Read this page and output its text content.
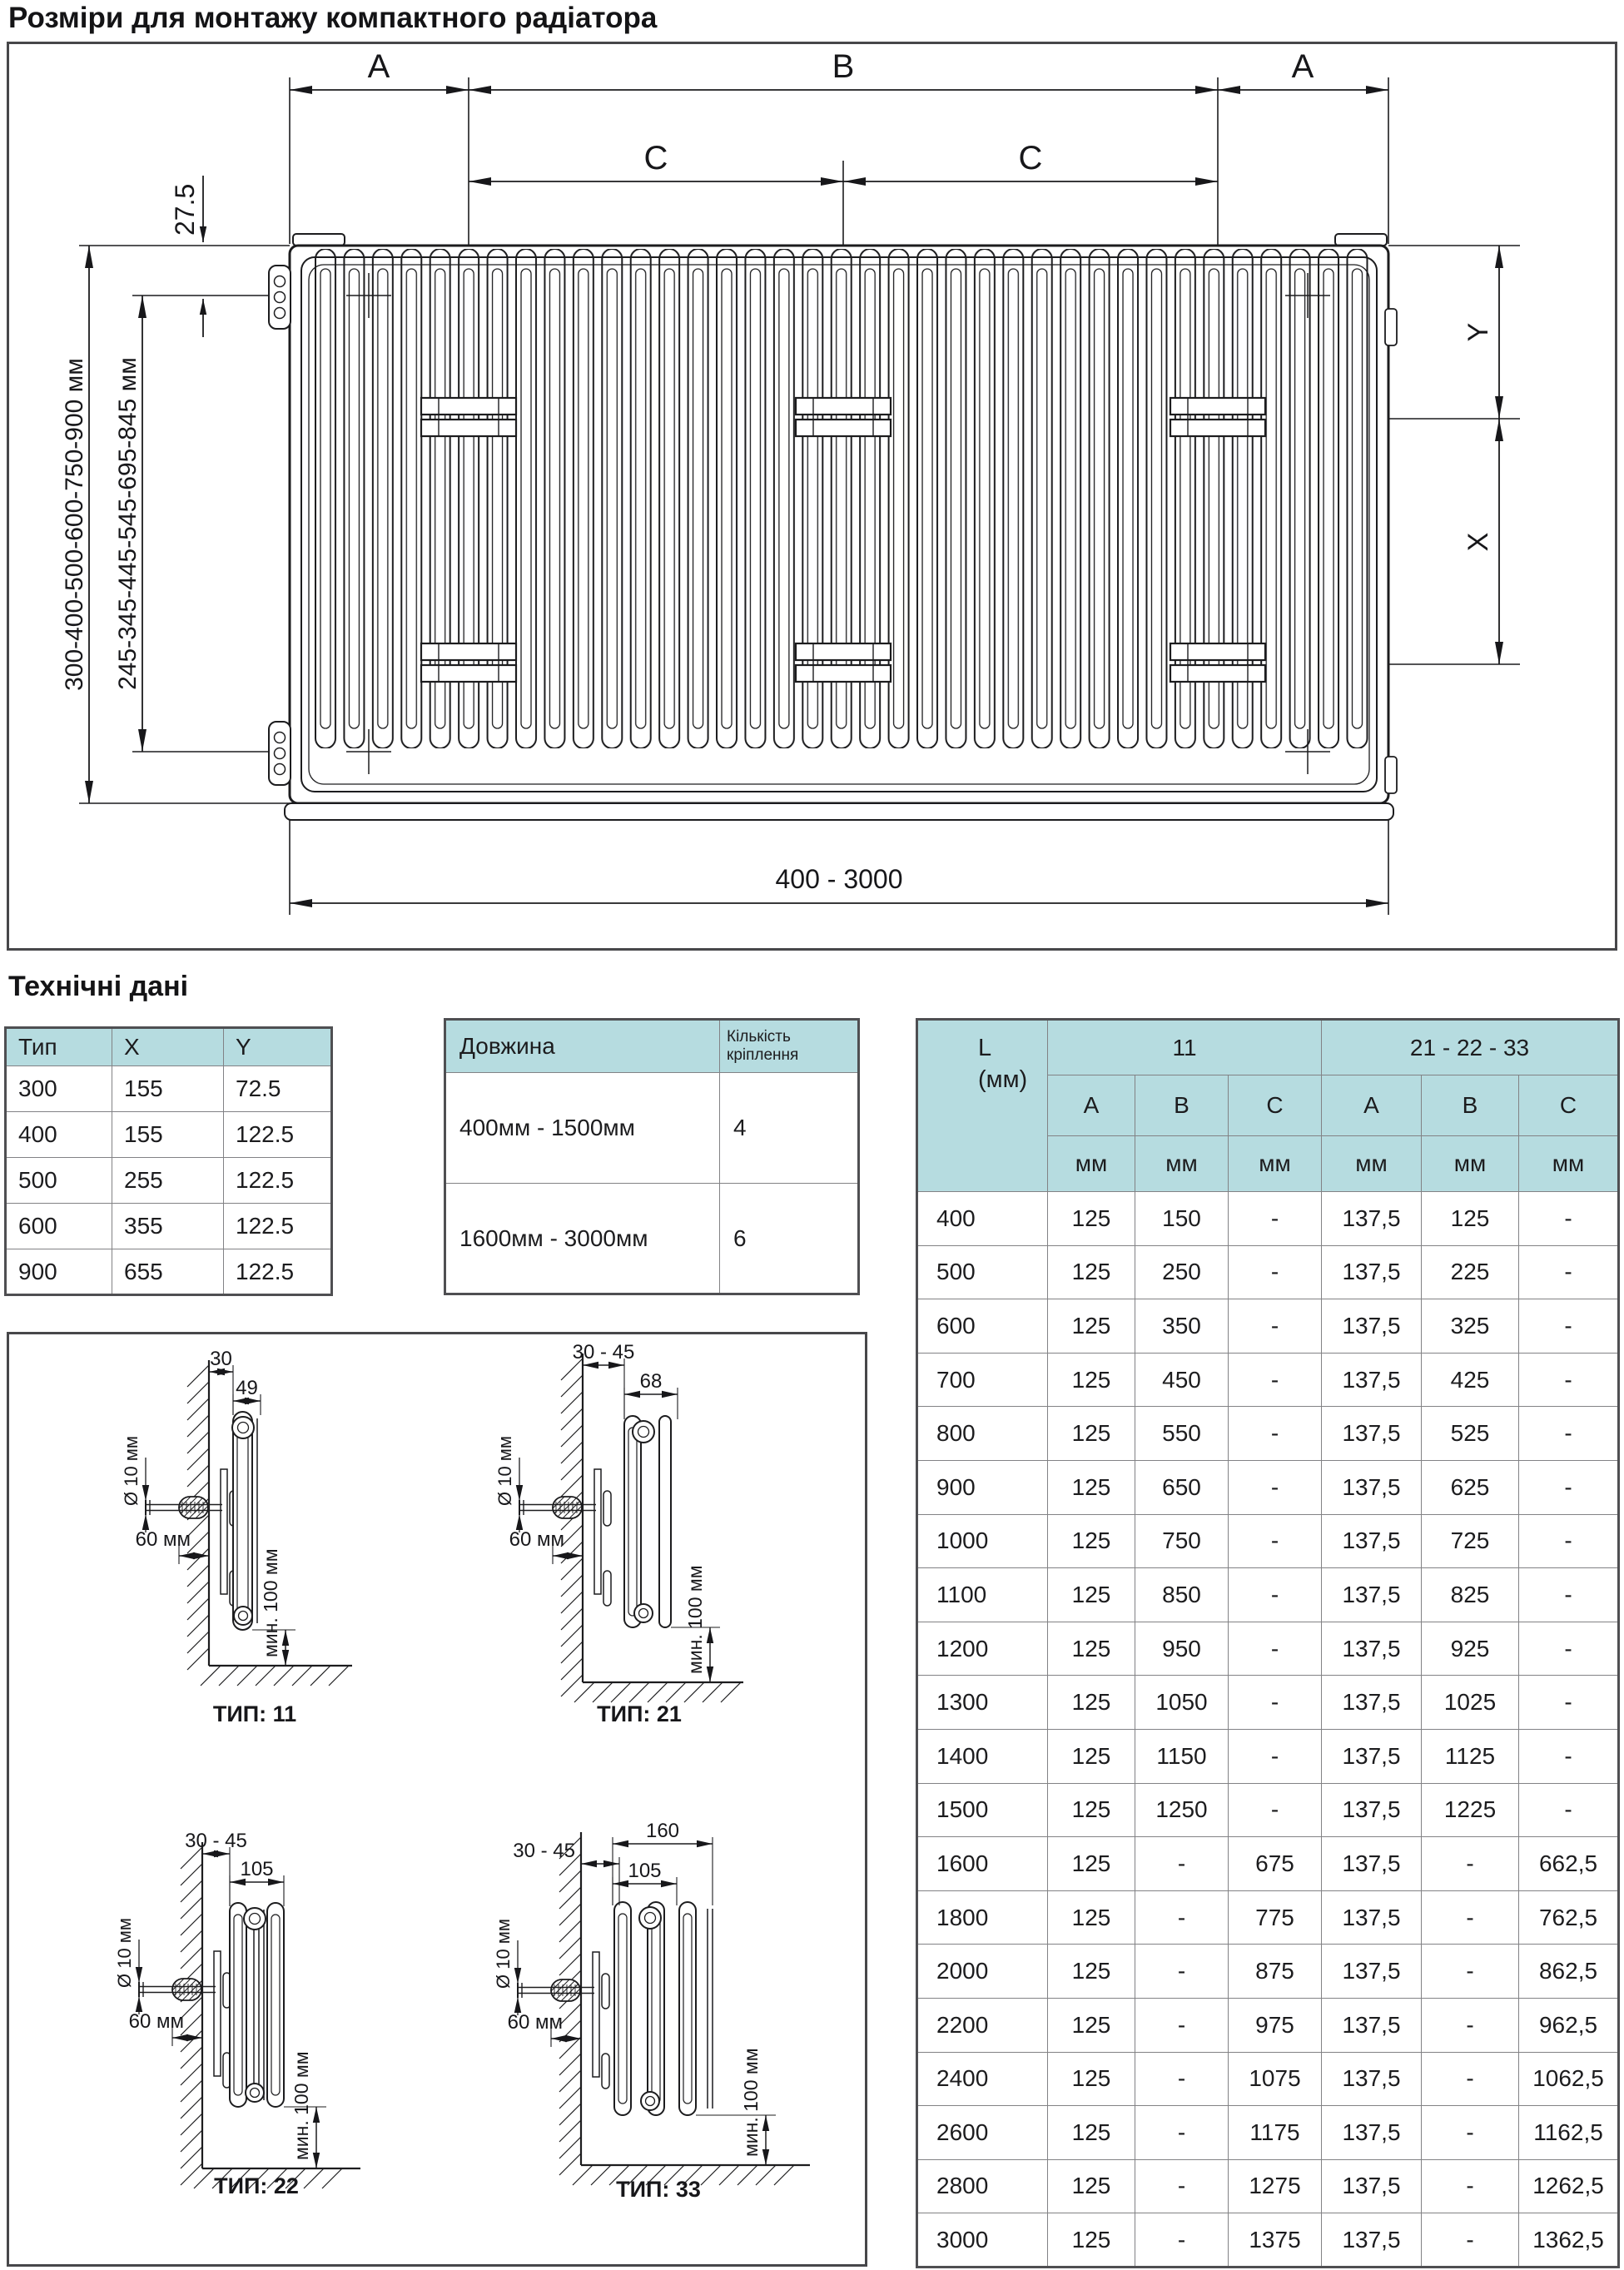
Розміри для монтажу компактного радіатора
A	B	A
C	C
27.5
300-400-500-600-750-900 мм 245-345-445-545-695-845 мм
Y
X
400 - 3000
Технічні дані
Тип	X	Y
300	155	72.5
400	155	122.5
500	255	122.5
600	355	122.5
900	655	122.5
Довжина	Кількість кріплення
400мм - 1500мм	4
1600мм - 3000мм	6
L
(мм)	11			21 - 22 - 33		
	A	B	C	A	B	C
	мм	мм	мм	мм	мм	мм
400	125	150	-	137,5	125	-
500	125	250	-	137,5	225	-
600	125	350	-	137,5	325	-
700	125	450	-	137,5	425	-
800	125	550	-	137,5	525	-
900	125	650	-	137,5	625	-
1000	125	750	-	137,5	725	-
1100	125	850	-	137,5	825	-
1200	125	950	-	137,5	925	-
1300	125	1050	-	137,5	1025	-
1400	125	1150	-	137,5	1125	-
1500	125	1250	-	137,5	1225	-
1600	125	-	675	137,5	-	662,5
1800	125	-	775	137,5	-	762,5
2000	125	-	875	137,5	-	862,5
2200	125	-	975	137,5	-	962,5
2400	125	-	1075	137,5	-	1062,5
2600	125	-	1175	137,5	-	1162,5
2800	125	-	1275	137,5	-	1262,5
3000	125	-	1375	137,5	-	1362,5
Ø 10 мм
60 мм
мин. 100 мм
30
49
ТИП: 11
Ø 10 мм
60 мм
мин. 100 мм
30 - 45
68
ТИП: 21
Ø 10 мм
60 мм
мин. 100 мм
30 - 45
105
ТИП: 22
Ø 10 мм
60 мм
мин. 100 мм
160
30 - 45
105
ТИП: 33
